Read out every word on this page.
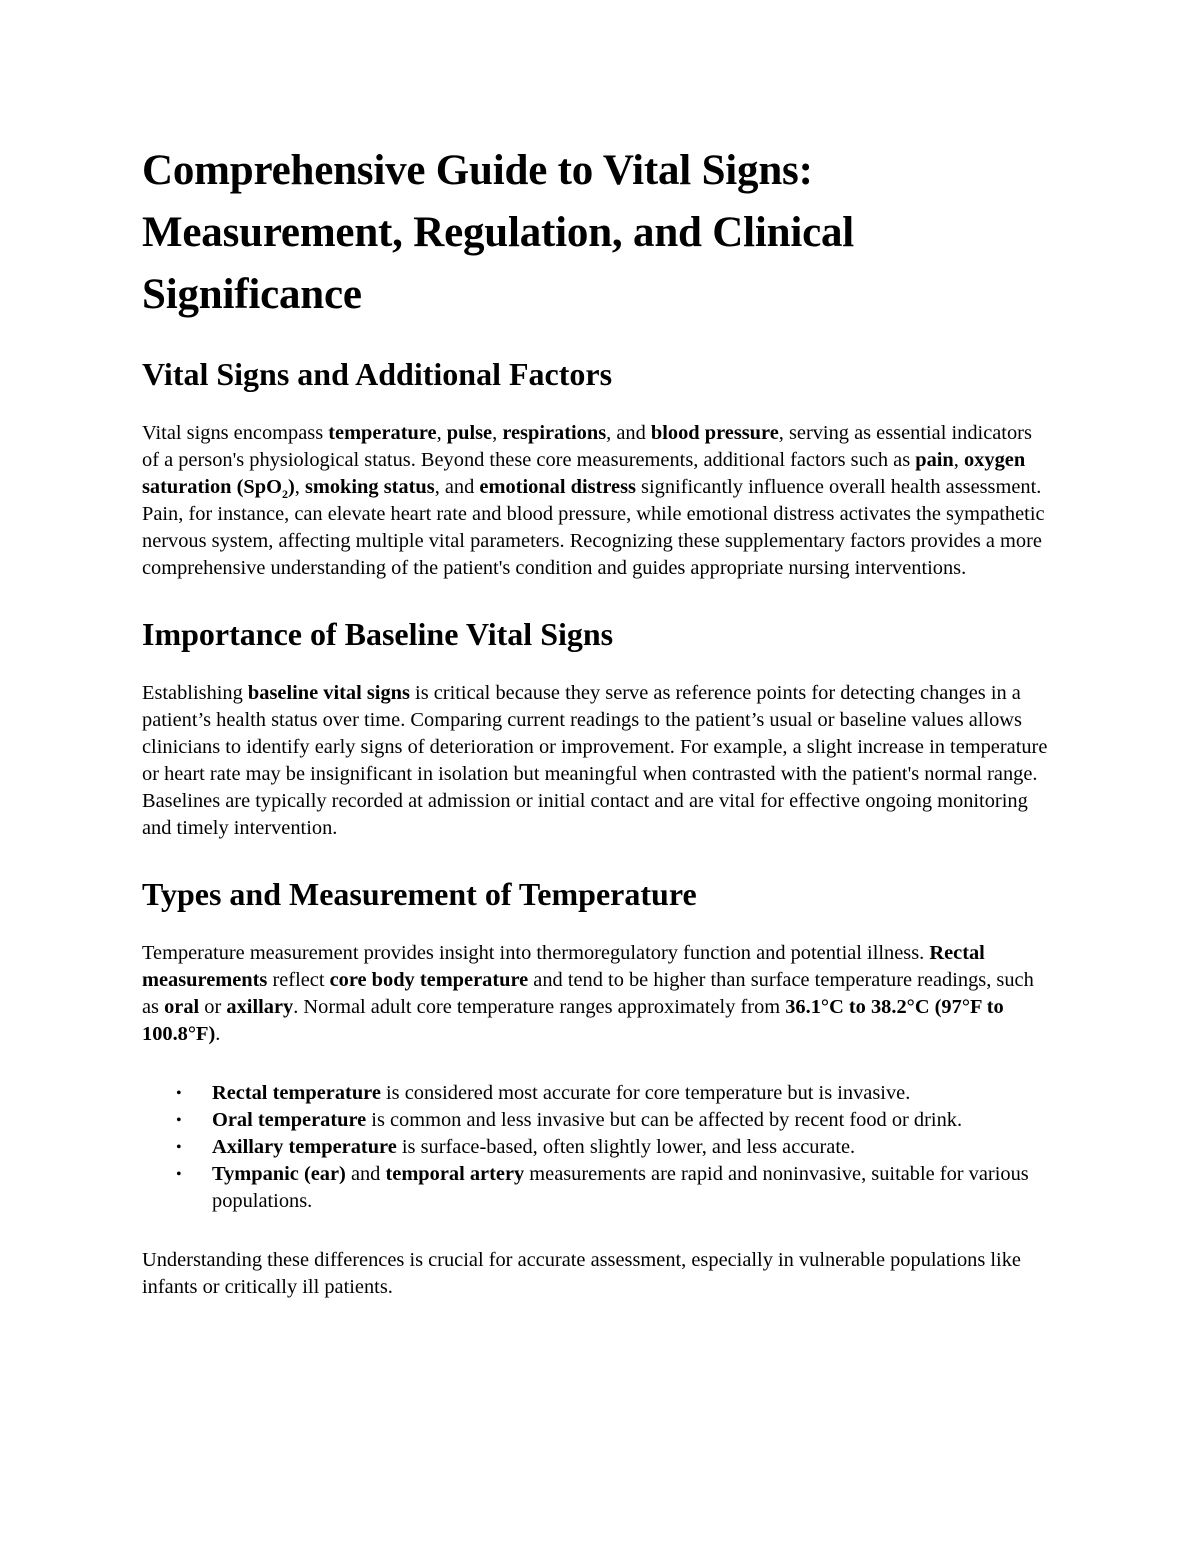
Comprehensive Guide to Vital Signs: Measurement, Regulation, and Clinical Significance
Vital Signs and Additional Factors

Vital signs encompass temperature, pulse, respirations, and blood pressure, serving as essential indicators of a person's physiological status. Beyond these core measurements, additional factors such as pain, oxygen saturation (SpO$_2$), smoking status, and emotional distress significantly influence overall health assessment. Pain, for instance, can elevate heart rate and blood pressure, while emotional distress activates the sympathetic nervous system, affecting multiple vital parameters. Recognizing these supplementary factors provides a more comprehensive understanding of the patient's condition and guides appropriate nursing interventions.

Importance of Baseline Vital Signs

Establishing baseline vital signs is critical because they serve as reference points for detecting changes in a patient’s health status over time. Comparing current readings to the patient’s usual or baseline values allows clinicians to identify early signs of deterioration or improvement. For example, a slight increase in temperature or heart rate may be insignificant in isolation but meaningful when contrasted with the patient's normal range. Baselines are typically recorded at admission or initial contact and are vital for effective ongoing monitoring and timely intervention.

Types and Measurement of Temperature

Temperature measurement provides insight into thermoregulatory function and potential illness. Rectal measurements reflect core body temperature and tend to be higher than surface temperature readings, such as oral or axillary. Normal adult core temperature ranges approximately from 36.1°C to 38.2°C (97°F to 100.8°F).

• Rectal temperature is considered most accurate for core temperature but is invasive.
• Oral temperature is common and less invasive but can be affected by recent food or drink.
• Axillary temperature is surface-based, often slightly lower, and less accurate.
• Tympanic (ear) and temporal artery measurements are rapid and noninvasive, suitable for various populations.

Understanding these differences is crucial for accurate assessment, especially in vulnerable populations like infants or critically ill patients.
